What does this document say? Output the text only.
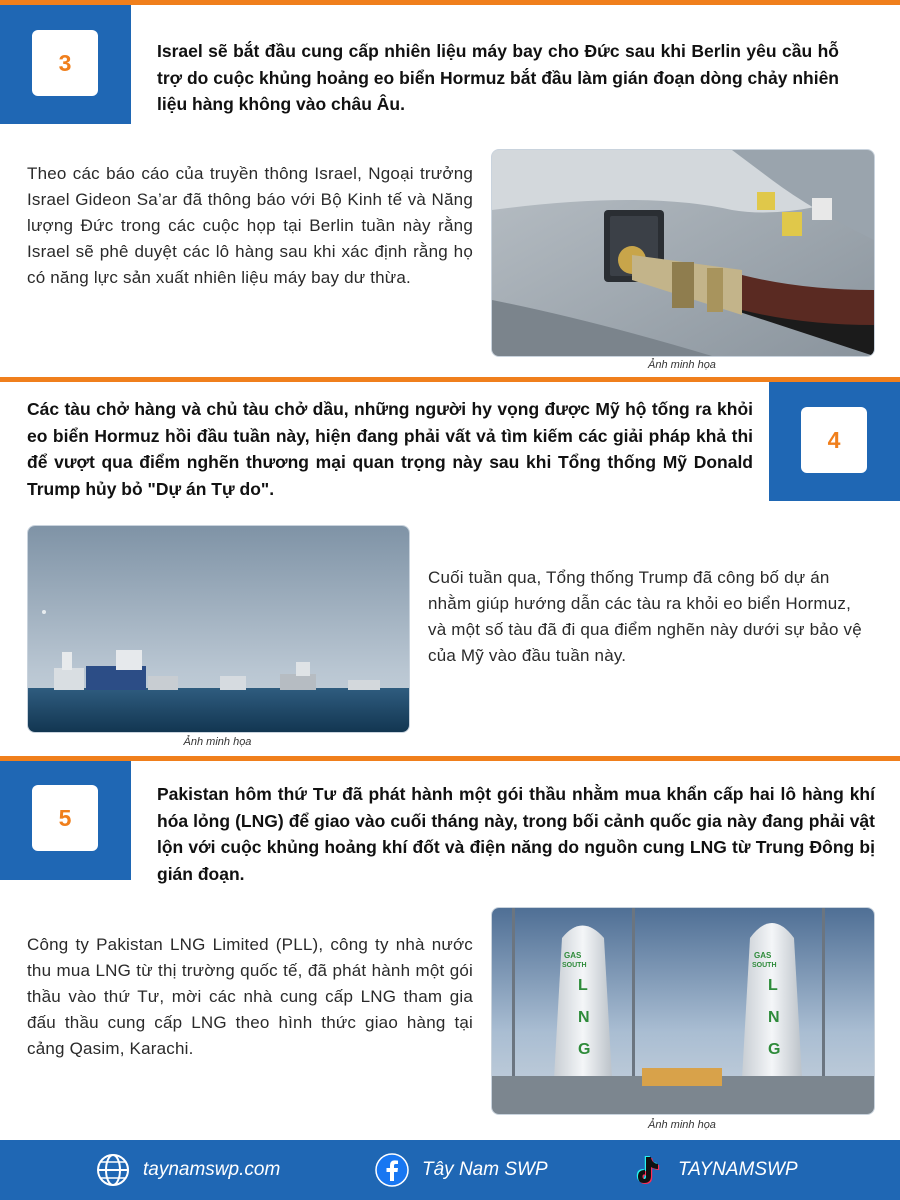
3	Israel sẽ bắt đầu cung cấp nhiên liệu máy bay cho Đức sau khi Berlin yêu cầu hỗ trợ do cuộc khủng hoảng eo biển Hormuz bắt đầu làm gián đoạn dòng chảy nhiên liệu hàng không vào châu Âu.
Theo các báo cáo của truyền thông Israel, Ngoại trưởng Israel Gideon Sa’ar đã thông báo với Bộ Kinh tế và Năng lượng Đức trong các cuộc họp tại Berlin tuần này rằng Israel sẽ phê duyệt các lô hàng sau khi xác định rằng họ có năng lực sản xuất nhiên liệu máy bay dư thừa.
Ảnh minh họa
Các tàu chở hàng và chủ tàu chở dầu, những người hy vọng được Mỹ hộ tống ra khỏi eo biển Hormuz hồi đầu tuần này, hiện đang phải vất vả tìm kiếm các giải pháp khả thi để vượt qua điểm nghẽn thương mại quan trọng này sau khi Tổng thống Mỹ Donald Trump hủy bỏ "Dự án Tự do".
4
Ảnh minh họa
Cuối tuần qua, Tổng thống Trump đã công bố dự án nhằm giúp hướng dẫn các tàu ra khỏi eo biển Hormuz, và một số tàu đã đi qua điểm nghẽn này dưới sự bảo vệ của Mỹ vào đầu tuần này.
5
Pakistan hôm thứ Tư đã phát hành một gói thầu nhằm mua khẩn cấp hai lô hàng khí hóa lỏng (LNG) để giao vào cuối tháng này, trong bối cảnh quốc gia này đang phải vật lộn với cuộc khủng hoảng khí đốt và điện năng do nguồn cung LNG từ Trung Đông bị gián đoạn.
Công ty Pakistan LNG Limited (PLL), công ty nhà nước thu mua LNG từ thị trường quốc tế, đã phát hành một gói thầu vào thứ Tư, mời các nhà cung cấp LNG tham gia đấu thầu cung cấp LNG theo hình thức giao hàng tại cảng Qasim, Karachi.
GAS
SOUTH
L
N
G
GAS
SOUTH
L
N
G
Ảnh minh họa
taynamswp.com	Tây Nam SWP	TAYNAMSWP
